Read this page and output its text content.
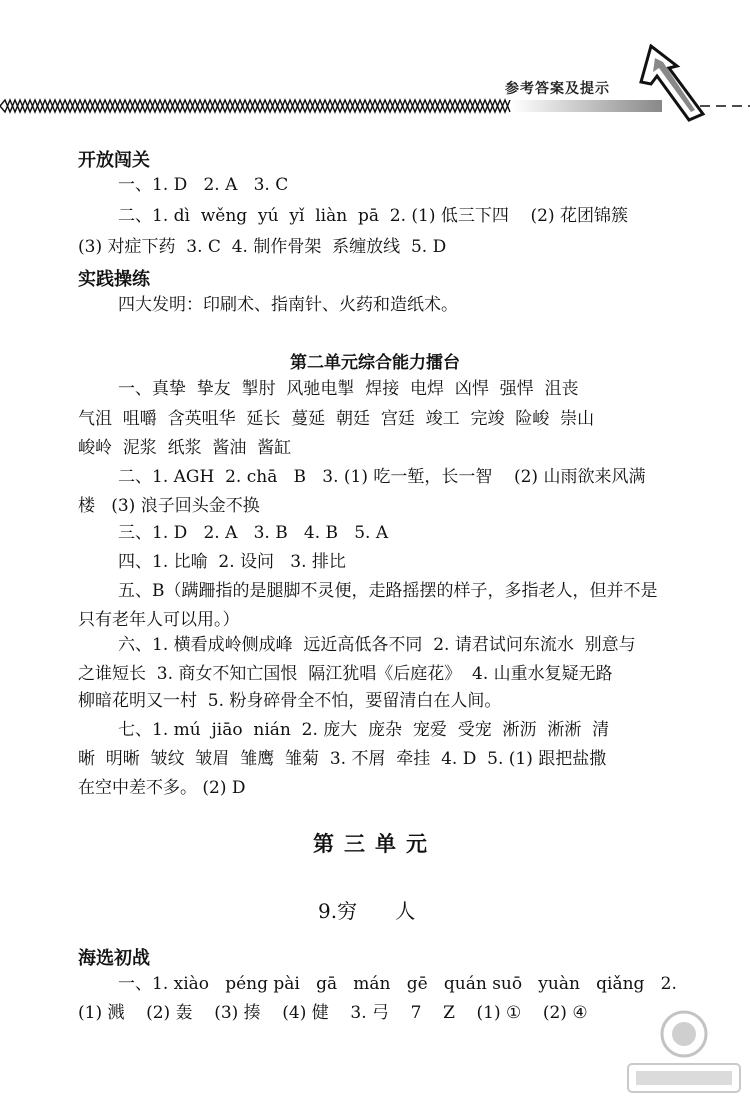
参考答案及提示
开放闯关
一、1. D   2. A   3. C
二、1. dì  wěng  yú  yǐ  liàn  pā  2. (1) 低三下四    (2) 花团锦簇
(3) 对症下药  3. C  4. 制作骨架  系缠放线  5. D
实践操练
四大发明：印刷术、指南针、火药和造纸术。
第二单元综合能力擂台
一、真挚  挚友  掣肘  风驰电掣  焊接  电焊  凶悍  强悍  沮丧
气沮  咀嚼  含英咀华  延长  蔓延  朝廷  宫廷  竣工  完竣  险峻  崇山
峻岭  泥浆  纸浆  酱油  酱缸
二、1. AGH  2. chā   B   3. (1) 吃一堑，长一智    (2) 山雨欲来风满
楼   (3) 浪子回头金不换
三、1. D   2. A   3. B   4. B   5. A
四、1. 比喻  2. 设问   3. 排比
五、B（蹒跚指的是腿脚不灵便，走路摇摆的样子，多指老人，但并不是
只有老年人可以用。）
六、1. 横看成岭侧成峰  远近高低各不同  2. 请君试问东流水  别意与
之谁短长  3. 商女不知亡国恨  隔江犹唱《后庭花》  4. 山重水复疑无路
柳暗花明又一村  5. 粉身碎骨全不怕，要留清白在人间。
七、1. mú  jiāo  nián  2. 庞大  庞杂  宠爱  受宠  淅沥  淅淅  清
晰  明晰  皱纹  皱眉  雏鹰  雏菊  3. 不屑  牵挂  4. D  5. (1) 跟把盐撒
在空中差不多。 (2) D
第三单元
9.穷      人
海选初战
一、1. xiào   péng pài   gā   mán   gē   quán suō   yuàn   qiǎng   2.
(1) 溅    (2) 轰    (3) 揍    (4) 健    3. 弓    7    Z    (1) ①    (2) ④
